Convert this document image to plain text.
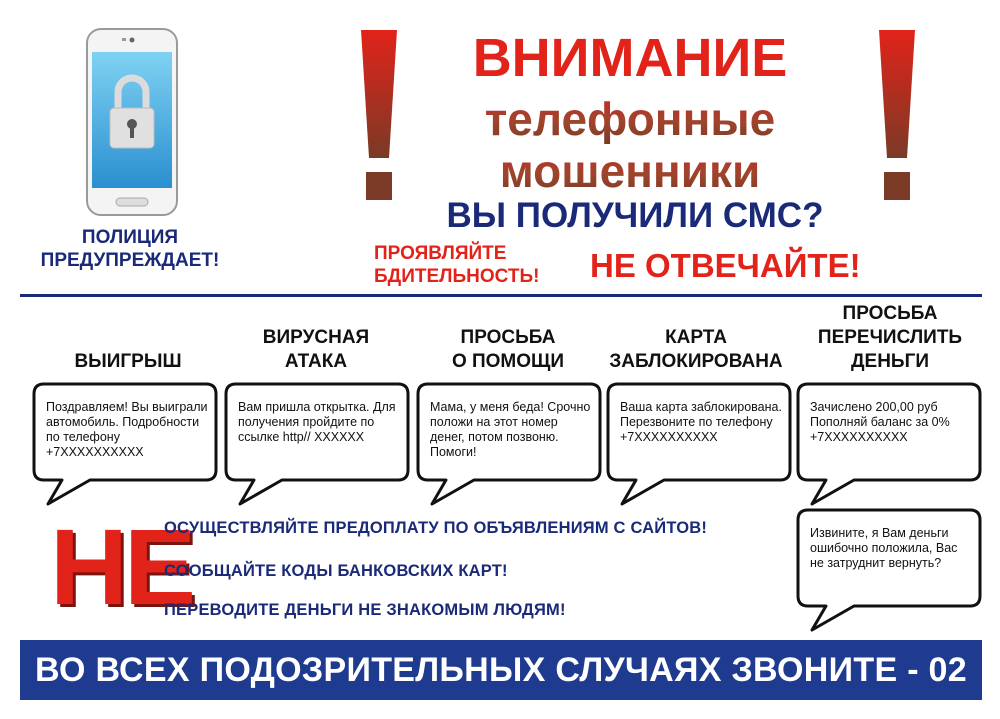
ПОЛИЦИЯ
ПРЕДУПРЕЖДАЕТ!
ВНИМАНИЕ
телефонные
мошенники
ВЫ ПОЛУЧИЛИ СМС?
ПРОЯВЛЯЙТЕ
БДИТЕЛЬНОСТЬ!	НЕ ОТВЕЧАЙТЕ!
ВЫИГРЫШ
ВИРУСНАЯ
АТАКА
ПРОСЬБА
О ПОМОЩИ
КАРТА
ЗАБЛОКИРОВАНА
ПРОСЬБА
ПЕРЕЧИСЛИТЬ
ДЕНЬГИ
Поздравляем! Вы выиграли автомобиль. Подробности по телефону +7XXXXXXXXXX
Вам пришла открытка. Для получения пройдите по ссылке http// XXXXXX
Мама, у меня беда! Срочно положи на этот номер денег, потом позвоню. Помоги!
Ваша карта заблокирована. Перезвоните по телефону +7XXXXXXXXXX
Зачислено 200,00 руб Пополняй баланс за 0% +7XXXXXXXXXX
Извините, я Вам деньги ошибочно положила, Вас не затруднит вернуть?
НЕ
ОСУЩЕСТВЛЯЙТЕ ПРЕДОПЛАТУ ПО ОБЪЯВЛЕНИЯМ С САЙТОВ!
СООБЩАЙТЕ КОДЫ БАНКОВСКИХ КАРТ!
ПЕРЕВОДИТЕ ДЕНЬГИ НЕ ЗНАКОМЫМ ЛЮДЯМ!
ВО ВСЕХ ПОДОЗРИТЕЛЬНЫХ СЛУЧАЯХ ЗВОНИТЕ - 02
